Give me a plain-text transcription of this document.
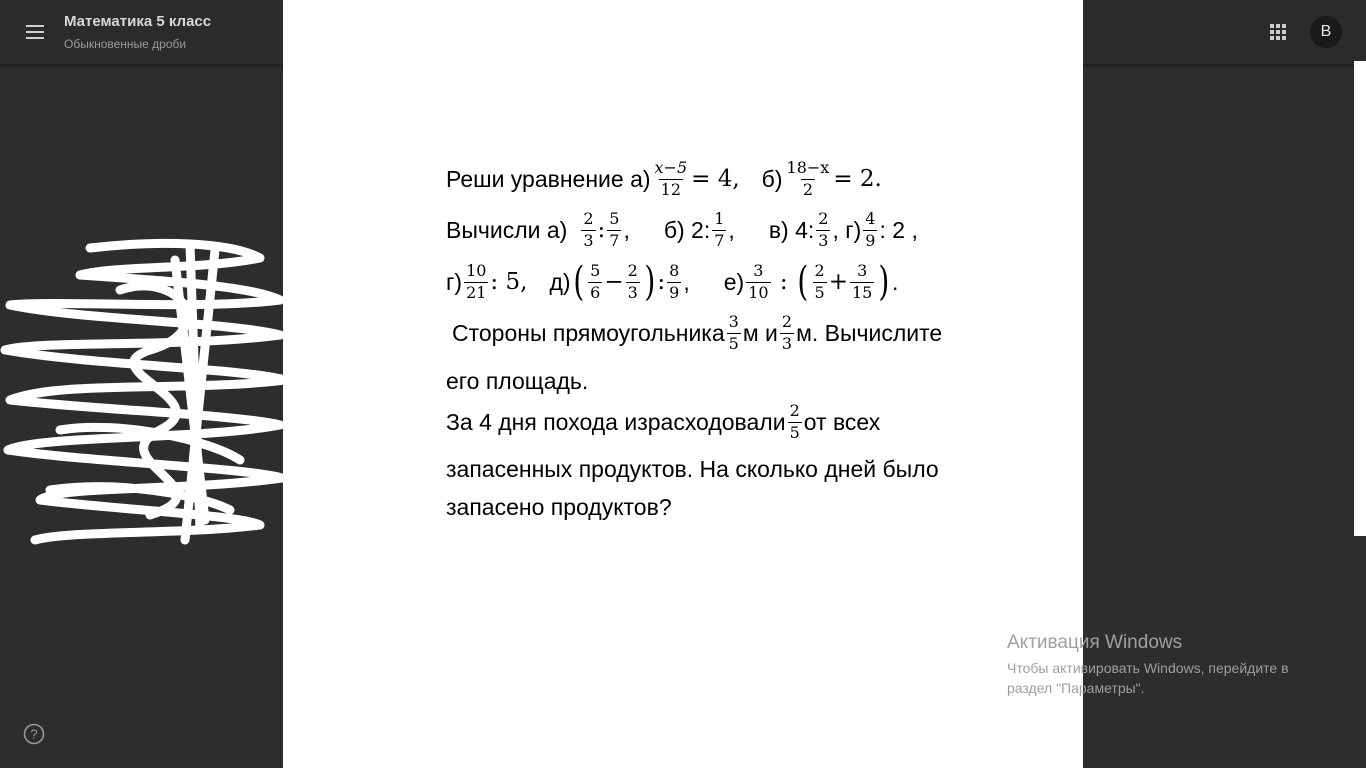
Математика 5 класс
Обыкновенные дроби
В
Реши уравнение $а) \frac{x-5}{12} = 4$, $б) \frac{18-x}{2} = 2$.
Вычисли $а) \frac{2}{3}$ : $\frac{5}{7}$ , б) 2: $\frac{1}{7}$ , в) 4: $\frac{2}{3}$ , $г) \frac{4}{9}$ : 2 ,
$г) \frac{10}{21}$ : 5, д) ( $\frac{5}{6} - \frac{2}{3}$ ) : $\frac{8}{9}$ , $е) \frac{3}{10}$ : ( $\frac{2}{5} + \frac{3}{15}$ ) .
Стороны прямоугольника $\frac{3}{5}$ м и $\frac{2}{3} м$. Вычислите
его площадь.
За 4 дня похода израсходовали $\frac{2}{5}$ от всех
запасенных продуктов. На сколько дней было
запасено продуктов?
?
Активация Windows
Чтобы активировать Windows, перейдите в раздел "Параметры".
